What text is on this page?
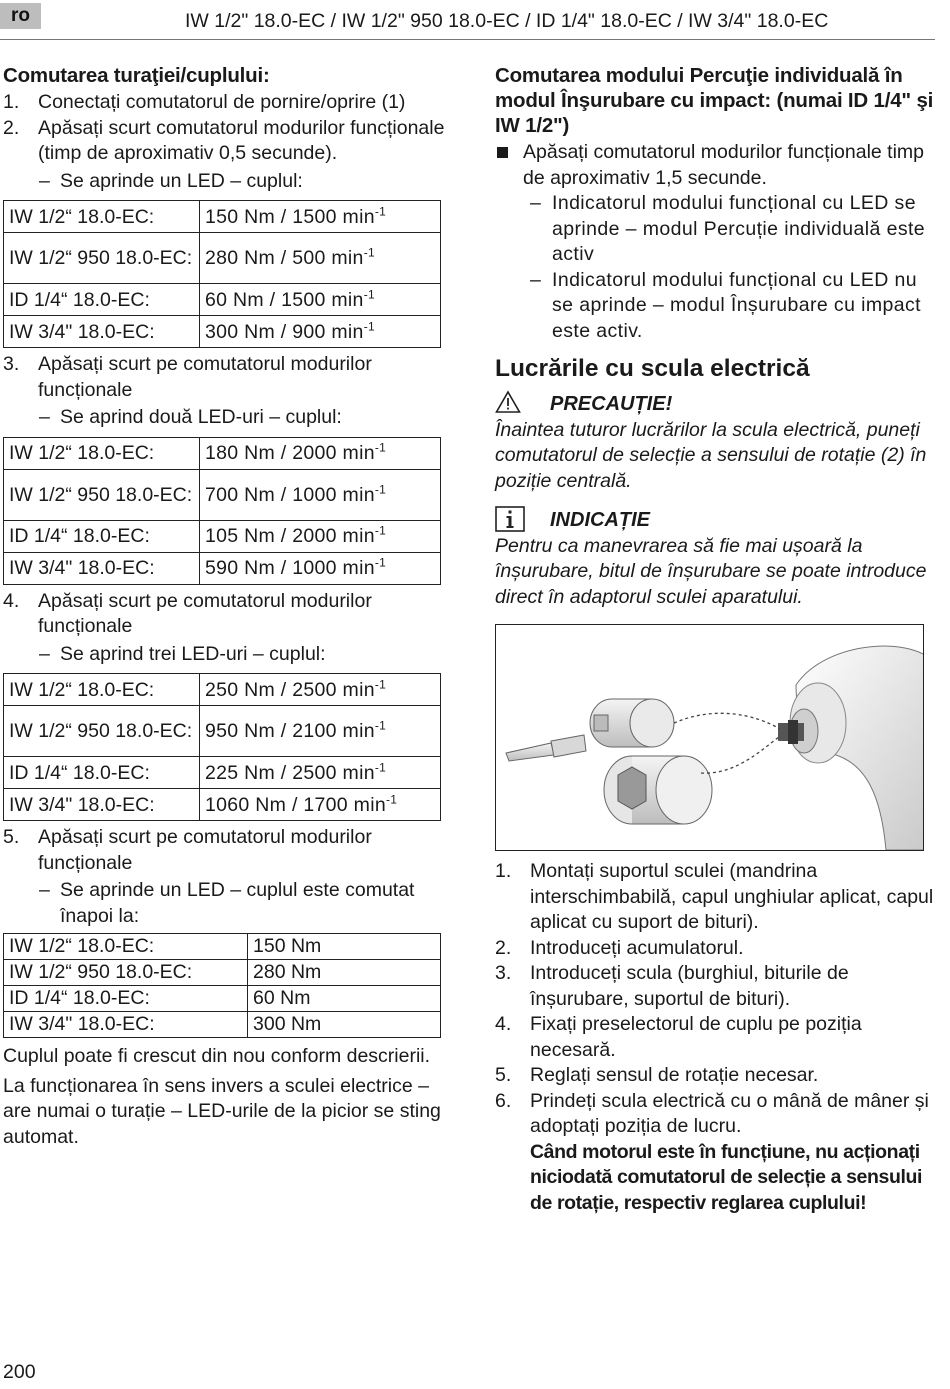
ro	IW 1/2" 18.0-EC / IW 1/2" 950 18.0-EC / ID 1/4" 18.0-EC / IW 3/4" 18.0-EC
Comutarea turaţiei/cuplului:
1. Conectați comutatorul de pornire/oprire (1)
2. Apăsați scurt comutatorul modurilor funcționale (timp de aproximativ 0,5 secunde).
– Se aprinde un LED – cuplul:
IW 1/2“ 18.0-EC:	150 Nm / 1500 $\min^{-1}$
IW 1/2“ 950 18.0-EC:	280 Nm / 500 $\min^{-1}$
ID 1/4“ 18.0-EC:	60 Nm / 1500 $\min^{-1}$
IW 3/4" 18.0-EC:	300 Nm / 900 $\min^{-1}$
3. Apăsați scurt pe comutatorul modurilor funcționale
– Se aprind două LED-uri – cuplul:
IW 1/2“ 18.0-EC:	180 Nm / 2000 $\min^{-1}$
IW 1/2“ 950 18.0-EC:	700 Nm / 1000 $\min^{-1}$
ID 1/4“ 18.0-EC:	105 Nm / 2000 $\min^{-1}$
IW 3/4" 18.0-EC:	590 Nm / 1000 $\min^{-1}$
4. Apăsați scurt pe comutatorul modurilor funcționale
– Se aprind trei LED-uri – cuplul:
IW 1/2“ 18.0-EC:	250 Nm / 2500 $\min^{-1}$
IW 1/2“ 950 18.0-EC:	950 Nm / 2100 $\min^{-1}$
ID 1/4“ 18.0-EC:	225 Nm / 2500 $\min^{-1}$
IW 3/4" 18.0-EC:	1060 Nm / 1700 $\min^{-1}$
5. Apăsați scurt pe comutatorul modurilor funcționale
– Se aprinde un LED – cuplul este comutat înapoi la:
IW 1/2“ 18.0-EC:	150 Nm
IW 1/2“ 950 18.0-EC:	280 Nm
ID 1/4“ 18.0-EC:	60 Nm
IW 3/4" 18.0-EC:	300 Nm
Cuplul poate fi crescut din nou conform descrierii.
La funcționarea în sens invers a sculei electrice – are numai o turație – LED-urile de la picior se sting automat.
Comutarea modului Percuţie individuală în modul Înşurubare cu impact: (numai ID 1/4" şi IW 1/2")
Apăsați comutatorul modurilor funcționale timp de aproximativ 1,5 secunde.
– Indicatorul modului funcțional cu LED se aprinde – modul Percuție individuală este activ
– Indicatorul modului funcțional cu LED nu se aprinde – modul Înșurubare cu impact este activ.
Lucrările cu scula electrică
PRECAUȚIE!
Înaintea tuturor lucrărilor la scula electrică, puneți comutatorul de selecție a sensului de rotație (2) în poziție centrală.
INDICAȚIE
Pentru ca manevrarea să fie mai ușoară la înșurubare, bitul de înșurubare se poate introduce direct în adaptorul sculei aparatului.
1. Montați suportul sculei (mandrina interschimbabilă, capul unghiular aplicat, capul aplicat cu suport de bituri).
2. Introduceți acumulatorul.
3. Introduceți scula (burghiul, biturile de înșurubare, suportul de bituri).
4. Fixați preselectorul de cuplu pe poziția necesară.
5. Reglați sensul de rotație necesar.
6. Prindeți scula electrică cu o mână de mâner și adoptați poziția de lucru.
Când motorul este în funcțiune, nu acționați niciodată comutatorul de selecție a sensului de rotație, respectiv reglarea cuplului!
200
